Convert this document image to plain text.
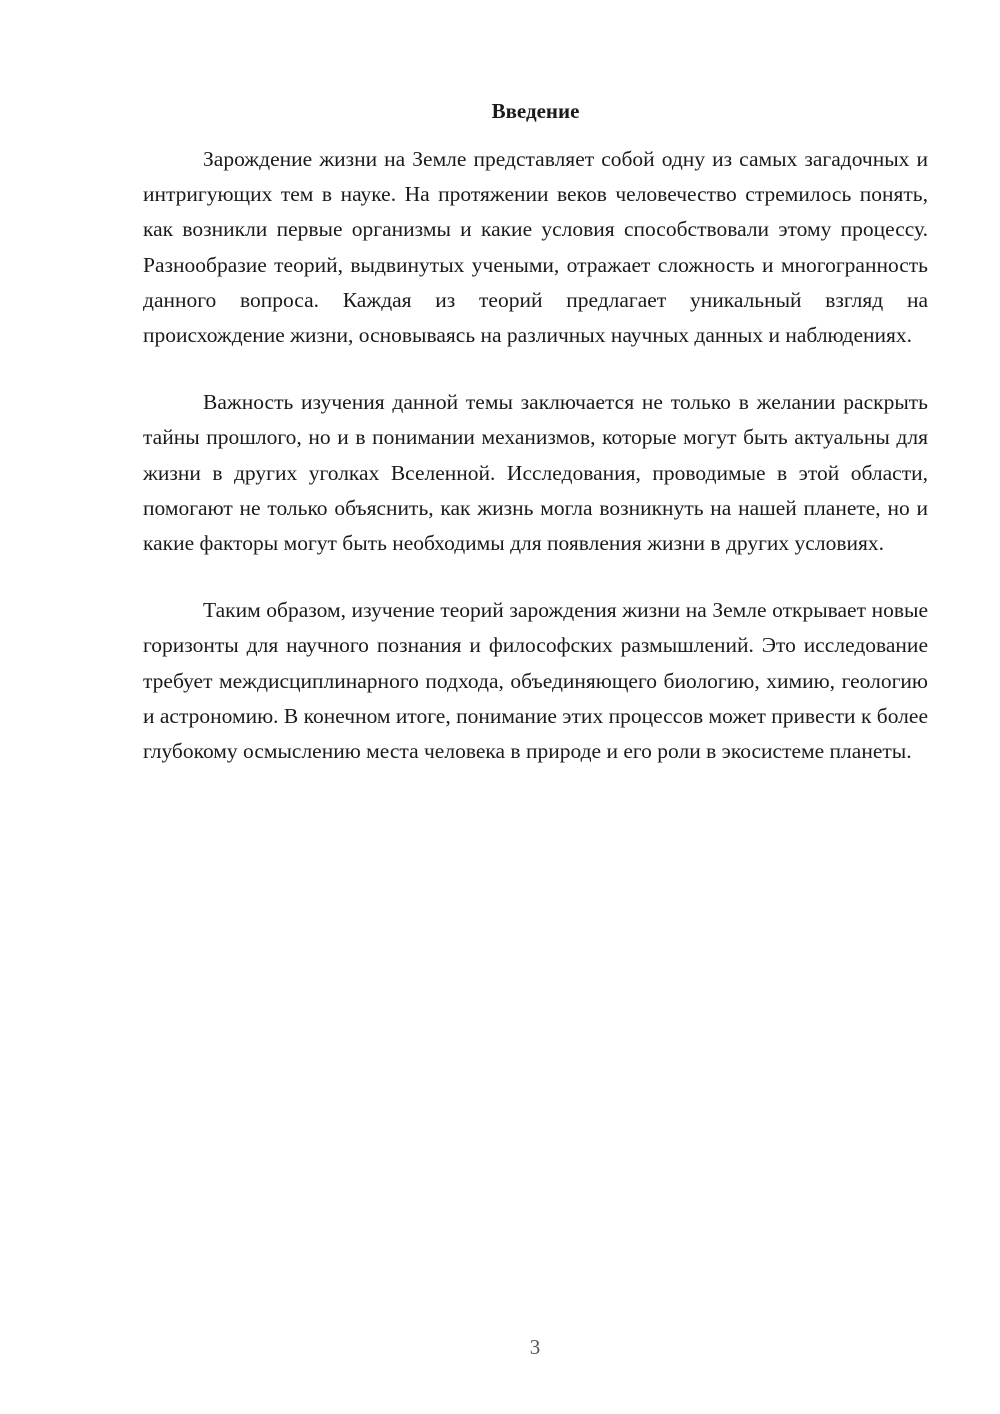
Введение

Зарождение жизни на Земле представляет собой одну из самых загадочных и интригующих тем в науке. На протяжении веков человечество стремилось понять, как возникли первые организмы и какие условия способствовали этому процессу. Разнообразие теорий, выдвинутых учеными, отражает сложность и многогранность данного вопроса. Каждая из теорий предлагает уникальный взгляд на происхождение жизни, основываясь на различных научных данных и наблюдениях.

Важность изучения данной темы заключается не только в желании раскрыть тайны прошлого, но и в понимании механизмов, которые могут быть актуальны для жизни в других уголках Вселенной. Исследования, проводимые в этой области, помогают не только объяснить, как жизнь могла возникнуть на нашей планете, но и какие факторы могут быть необходимы для появления жизни в других условиях.

Таким образом, изучение теорий зарождения жизни на Земле открывает новые горизонты для научного познания и философских размышлений. Это исследование требует междисциплинарного подхода, объединяющего биологию, химию, геологию и астрономию. В конечном итоге, понимание этих процессов может привести к более глубокому осмыслению места человека в природе и его роли в экосистеме планеты.

3
